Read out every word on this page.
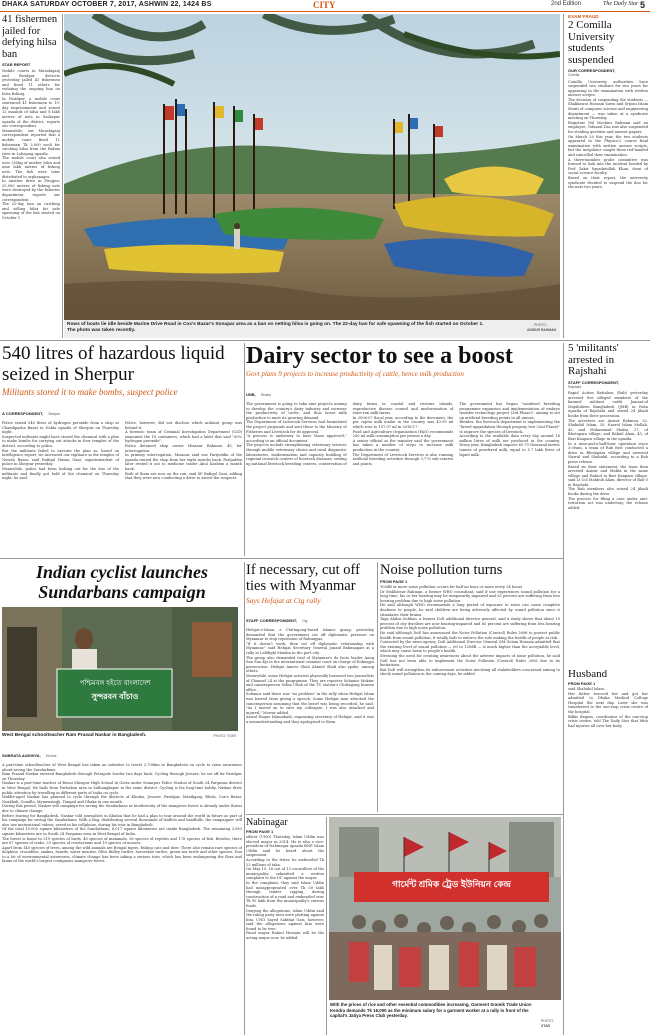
DHAKA SATURDAY OCTOBER 7, 2017, ASHWIN 22, 1424 BS	CITY	2nd Edition	The Daily Star 5
41 fishermen jailed for defying hilsa ban
STAR REPORT
Mobile courts in Munshiganj and Faridpur districts yesterday jailed 41 fishermen and fined 11 others for violating the ongoing ban on hilsa fishing.
In Faridpur, a mobile court sentenced 41 fishermen to 15-day imprisonment and seized 12 maunds of hilsa and 8 lakh metres of nets in Sadarpur upazila of the district, reports our correspondent.
Meanwhile, our Munshiganj correspondent reported that a mobile court fined 11 fishermen Tk 2,000 each for catching hilsa from the Padma river in Lohajang upazila.
The mobile court also seized over 250kg of mother hilsa and nine lakh metres of fishing nets. The fish were later distributed to orphanages.
In another drive in Pirojpur, 25,000 metres of fishing nets were destroyed by the fisheries department, reports our correspondent.
The 22-day ban on catching and selling hilsa for safe spawning of the fish started on October 1.
Rows of boats lie idle beside Marine Drive Road in Cox's Bazar's Sonapar area as a ban on netting hilsa is going on. The 22-day ban for safe spawning of the fish started on October 1. The photo was taken recently.
PHOTO:
ANISUR RAHMAN
EXAM FRAUD
2 Comilla University students suspended
OUR CORRESPONDENT,
Comilla
Comilla University authorities have suspended two students for two years for appearing in the examination with written answer scripts.
The decision of suspending the students — Shakhawat Hossain Sawn and Srijoni Islam Monti of computer science and engineering department — was taken at a syndicate meeting on Thursday.
Registrar Md Moshiur Rahman said an employee, Tofazzal Das was also suspended for stealing question and answer papers.
On March 20 this year, the two students appeared in the Physics-2 course final examination with written answer scripts, but the invigilator caught them red-handed and cancelled their examination.
A three-member probe committee was formed to look into the incident headed by Prof Zakir Sayadatullah Khan, dean of social science faculty.
Based on their report, the university syndicate decided to suspend the duo for the next two years.
540 litres of hazardous liquid seized in Sherpur
Militants stored it to make bombs, suspect police
A CORRESPONDENT, Sherpur
Police seized 540 litres of hydrogen peroxide from a shop at Chandipasha Bazar in Nokla upazila of Sherpur on Thursday night.
Suspected militants might have stored the chemical with a plan to make bombs for carrying out attacks in four temples of the district, according to police.
But the militants failed to execute the plan as, based on intelligence report, we increased our vigilance in the temples of Nawab Bazar, said Rafiqul Hasan Gani, superintendent of police in Sherpur yesterday.
Meanwhile, police had been looking out for the duo of the militants and finally got hold of the chemical on Thursday night, he said.
Police, however, did not disclose which militant group was behind it.
A forensic team of Criminal Investigation Department (CID) examined the 18 containers, which had a label that said "50% hydrogen peroxide".
Police detained shop owner Mizanur Rahman, 45, for interrogation.
In primary interrogation, Mizanur said one Farijuddin of the upazila rented the shop from her eight months back. Farijuddin later rented it out to medicine trader Abul Kashem a month back.
Both of them are now on the run, said SP Rafiqul Gani, adding that they were now conducting a drive to arrest the suspects.
Dairy sector to see a boost
Govt plans 9 projects to increase productivity of cattle, hence milk production
UNB, Dhaka
The government is going to take nine projects aiming to develop the country's dairy industry and increase the productivity of cattle, and thus boost milk production to meet its growing demand.
The Department of Livestock Services had formulated the project proposals and sent those to the Ministry of Fisheries and Livestock for its approval.
"A process is underway to have those approved," according to an official document.
The projects include strengthening veterinary services through mobile veterinary clinics and rural diagnostic laboratories, modernisation and capacity building of regional research centres of livestock diseases, setting up national livestock breeding centres, conservation of dairy farms in coastal and riverine islands, reproductive disease control and modernisation of state-run milk farms.
In 2006-07 fiscal year, according to the document, the per capita milk intake in the country was 43.95 ml which rose to 157.97 ml in 2016-17.
Food and Agriculture Organization (FAO) recommends 250 ml milk consumption per person a day.
A senior official at the ministry said the government has taken a number of steps to increase milk production in the country.
The Department of Livestock Services is also running artificial breeding activities through 3,770 sub-centres and points.
The government has begun "sanitised breeding programme expansion and implementation of embryo transfer technology project (3rd Phase)", aiming to set up artificial breeding points in all unions.
Besides, the livestock department is implementing the "breed upgradation through progeny test (2nd Phase)" to improve the species of livestock.
According to the available data every day around 18 million litres of milk are produced in the country. Every year, Bangladesh imports 65-70 thousand metric tonnes of powdered milk, equal to 5.7 lakh litres of liquid milk.
5 'militants' arrested in Rajshahi
STAFF CORRESPONDENT,
Rajshahi
Rapid Action Battalion (Rab) yesterday arrested five alleged members of the banned militant outfit Jamaat-ul Mujahideen Bangladesh (JMB) in Paba upazila of Rajshahi and seized 24 jihadi books from their possession.
The arrestees are Anisur Rahman, 32, Shahidul Islam, 35, Nazrul Islam Mollah, 42, and Mohammad Mukta, 27, of Bhotapara village, and Rabiul Alam, 45, of Bari Kanpara village in the upazila.
In a nine-and-a-half-hour operation since 3:00am, a team of Rab first conducted a drive in Bhotapara village and arrested Nazrul and Shahidul, according to a Rab press release.
Based on their statement, the team then arrested Anisur and Mukta in the same village and Rabiul in Bari Kanpara village, said Lt Col Mahbub Alam, director of Rab-5 in Rajshahi.
The Rab members also seized 24 jihadi books during the drive.
The process for filing a case under anti-terrorism act was underway, the release added.
Husband
FROM PAGE 1
said Shahidul Islam.
Her father rescued her and got her admitted to Dhaka Medical College Hospital the next day. Later she was transferred to the one-stop crisis centre of the hospital.
Bilkis Begum, coordinator of the one-stop crisis centre, told The Daily Star that Mita had injuries all over her body.
Indian cyclist launches Sundarbans campaign
পশ্চিমবঙ্গ হইতে বাংলাদেশ
সুন্দরবন বাঁচাও
West Bengal schoolteacher Ram Prasad Naskar in Bangladesh.	PHOTO: STAR
SUBRATA AUDHIYA, Khulna
A part-time schoolteacher of West Bengal has taken an initiative to travel 2,700km in Bangladesh on cycle to raise awareness about saving the Sundarbans.
Ram Prasad Naskar entered Bangladesh through Petrapole border two days back. Cycling through Jessore, he set off for Faridpur on Thursday.
Naskar is a part-time teacher of Benoi Sheopur High School in Gotra under Sonarpur Police Station of South 24 Parganas district in West Bengal. He hails from Purbabon area in Sidhangkapur in the same district. Cycling is his long-time hobby. Naskar drew public attention by travelling in different parts of India on cycle.
Middle-aged Naskar has planned to cycle through the districts of Khulna, Jessore, Faridpur, Manikganj, Bhola, Cox's Bazar, Noakhali, Comilla, Mymensingh, Tangail and Dhaka in one month.
During this period, Naskar will campaign for saving the Sundarbans as biodiversity of the mangrove forest is already under threat due to climate change.
Before leaving for Bangladesh, Naskar told journalists in Khulna that he had a plan to tour around the world in future as part of his campaign for saving the Sundarbans. With a flag, distributing several thousands of leaflets and handbills, the campaigner will also use motivational videos, saved in his cellphone, during his tour in Bangladesh.
Of the total 10,000 square kilometres of the Sundarbans, 6,017 square kilometres are inside Bangladesh. The remaining 3,983 square kilometres are in South 24 Parganas area in West Bengal of India.
The forest is home to 219 species of birds, 40 species of mammals, 56 species of reptiles and 176 species of fish. Besides, there are 67 species of crabs, 23 species of crustaceans and 19 species of mosses.
Apart from 140 species of trees, among the wild animals are Bengal tigers, fishing cats and deer. There also remain rare species of dolphins, crocodiles, snakes, lizards, water monitor, Olive Ridley turtles, horseshoe turtles, green sea turtle and other species. Due to a lot of environmental awareness, climate change has been taking a serious turn, which has been endangering the flora and fauna of the world's largest contiguous mangrove forest.
If necessary, cut off ties with Myanmar
Says Hefajat at Ctg rally
STAFF CORRESPONDENT, Ctg
Hefajat-e-Islam, a Chittagong-based Islamic group, yesterday demanded that the government cut off diplomatic pressure on Myanmar to stop repression of Rohingyas.
"If it doesn't work, then cut off diplomatic relationship with Myanmar," said Hefajat Secretary General Junaid Babunagari at a rally at Lalldighi Maidan in the port city.
The group also demanded trial of Myanmar's de facto leader Aung San Suu Kyi in the international criminal court on charge of Rohingya persecution. Hefajat Ameer Shah Ahmed Shafi also spoke, among others.
Meanwhile, some Hefajat activists physically harassed two journalists of Channel 24 at the programme. They are reporter Sohanur Moktar and cameraperson Selim Ullah of the TV station's Chittagong bureau office.
Sohanur said there was "no problem" in the rally when Hefajat Islam was barred from giving a speech. Some Hefajat men attacked the cameraperson assuming that the brawl was being recorded, he said. "As I moved on to save my colleague, I was also attacked and injured," Mowar added.
Azizul Haque Islamabadi, organising secretary of Hefajat, said it was a misunderstanding and they apologised to them.
Noise pollution turns
FROM PAGE 1
100dB or more noise pollution occurs for half an hour or more every 24 hours.
Dr Mokhlesur Rahman, a former WHO consultant, said if one experiences sound pollution for a long time, his or her hearing may be temporarily impaired and 55 percent are suffering from less hearing problem due to high noise pollution.
He said although WHO recommends a long period of exposure to noise can cause complete deafness to people, he said children are being adversely affected by sound pollution since it stimulates their brains.
Taga Abdus Sobhan, a former DoE additional director general, said a study shows that about 10 percent of city dwellers are now hearing-impaired and 65 percent are suffering from less hearing problem due to high noise pollution.
He said although DoE has announced the Noise Pollution (Control) Rules 2006 to protect public health from sound pollution, it totally fails to enforce the rule making the health of people at risk.
Contacted by the news agency, DoE Additional Director General QM Golam Hossain admitted that the existing level of sound pollution — 60 to 120dB — is much higher than the acceptable level, which may cause harm to people's health.
Stressing the need for creating awareness about the adverse impacts of noise pollution, he said DoE has not been able to implement the Noise Pollution (Control) Rules 2006 due to its limitations.
But DoE will strengthen its enforcement activities involving all stakeholders concerned aiming to check sound pollution in the coming days, he added.
Nabinagar
FROM PAGE 1
officer (UNO) Thursday, Islam Uddin was elected mayor in 2014. He is also a vice-president of Nabinagar upazila BNP. Islam Uddin said he heard about the suspension.
According to the letter, he embezzled Tk 23 millions of taka.
On May 10, 16 out of 12 councillors of the municipality submitted a written complaint to the DC against the mayor.
In the complaint, they said Islam Uddin had misappropriated over Tk 50 lakh through tender rigging during construction of a road and embezzled over Tk 90 lakh from the municipality's various funds.
Denying the allegations, Islam Uddin said the ruling party men were plotting against him. UNO Sayed Sakthat Gazi, however, said the allegations against him were found to be true.
Panel mayor Rabiul Hossain will be the acting mayor now, he added.
গার্মেন্ট শ্রমিক ট্রেড ইউনিয়ন কেন্দ্র
With the prices of rice and other essential commodities increasing, Garment Sramik Trade Union Kendra demands Tk 16,000 as the minimum salary for a garment worker at a rally in front of the capital's Jatiya Press Club yesterday.
PHOTO:
STAR
